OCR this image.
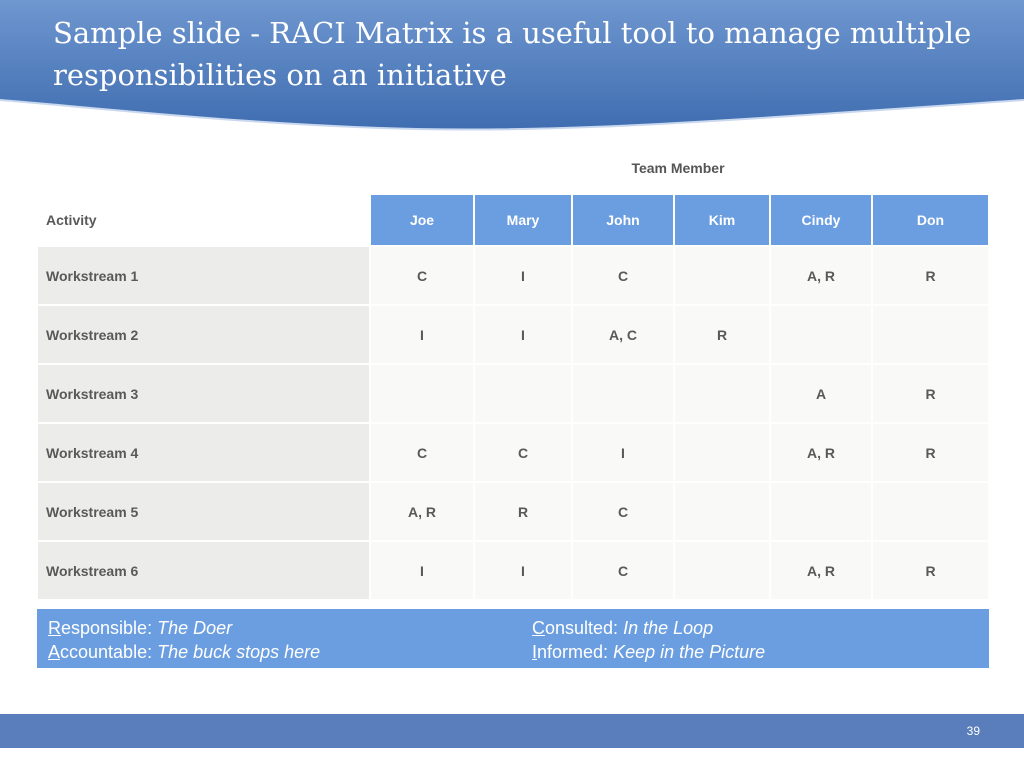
Sample slide - RACI Matrix is a useful tool to manage multiple responsibilities on an initiative
Team Member
Activity	Joe	Mary	John	Kim	Cindy	Don
Workstream 1	C	I	C		A, R	R
Workstream 2	I	I	A, C	R		
Workstream 3					A	R
Workstream 4	C	C	I		A, R	R
Workstream 5	A, R	R	C			
Workstream 6	I	I	C		A, R	R
Responsible: The Doer
Accountable: The buck stops here
Consulted: In the Loop
Informed: Keep in the Picture
39
